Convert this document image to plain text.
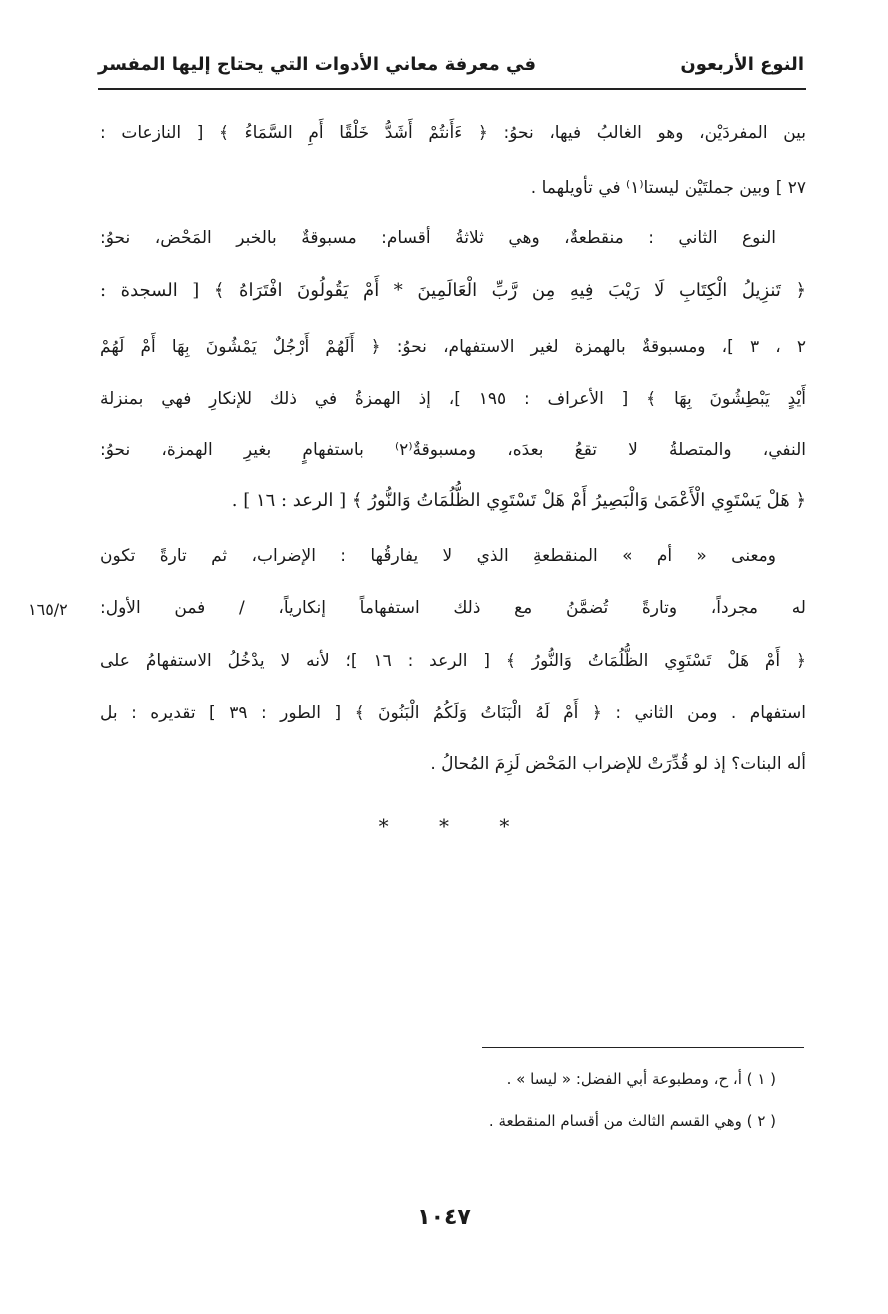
النوع الأربعون
في معرفة معاني الأدوات التي يحتاج إليها المفسر
بين المفردَيْن، وهو الغالبُ فيها، نحوُ: ﴿ ءَأَنتُمْ أَشَدُّ خَلْقًا أَمِ السَّمَاءُ ﴾ [ النازعات :
٢٧ ] وبين جملتَيْن ليستا⁽١⁾ في تأويلهما .
النوع الثاني : منقطعةٌ، وهي ثلاثةُ أقسام: مسبوقةٌ بالخبر المَحْض، نحوُ:
﴿ تَنزِيلُ الْكِتَابِ لَا رَيْبَ فِيهِ مِن رَّبِّ الْعَالَمِينَ * أَمْ يَقُولُونَ افْتَرَاهُ ﴾ [ السجدة :
٢ ، ٣ ]، ومسبوقةٌ بالهمزة لغير الاستفهام، نحوُ: ﴿ أَلَهُمْ أَرْجُلٌ يَمْشُونَ بِهَا أَمْ لَهُمْ
أَيْدٍ يَبْطِشُونَ بِهَا ﴾ [ الأعراف : ١٩٥ ]، إذ الهمزةُ في ذلك للإنكارِ فهي بمنزلة
النفي، والمتصلةُ لا تقعُ بعدَه، ومسبوقةٌ⁽٢⁾ باستفهامٍ بغيرِ الهمزة، نحوُ:
﴿ هَلْ يَسْتَوِي الْأَعْمَىٰ وَالْبَصِيرُ أَمْ هَلْ تَسْتَوِي الظُّلُمَاتُ وَالنُّورُ ﴾ [ الرعد : ١٦ ] .
ومعنى « أم » المنقطعةِ الذي لا يفارقُها : الإضراب، ثم تارةً تكون
له مجرداً، وتارةً تُضمَّنُ مع ذلك استفهاماً إنكارياً، / فمن الأول:
﴿ أَمْ هَلْ تَسْتَوِي الظُّلُمَاتُ وَالنُّورُ ﴾ [ الرعد : ١٦ ]؛ لأنه لا يدْخُلُ الاستفهامُ على
استفهام . ومن الثاني : ﴿ أَمْ لَهُ الْبَنَاتُ وَلَكُمُ الْبَنُونَ ﴾ [ الطور : ٣٩ ] تقديره : بل
أله البنات؟ إذ لو قُدِّرَتْ للإضراب المَحْض لَزِمَ المُحالُ .
١٦٥/٢
*	*	*
( ١ ) أ، ح، ومطبوعة أبي الفضل: « ليسا » .
( ٢ ) وهي القسم الثالث من أقسام المنقطعة .
١٠٤٧
